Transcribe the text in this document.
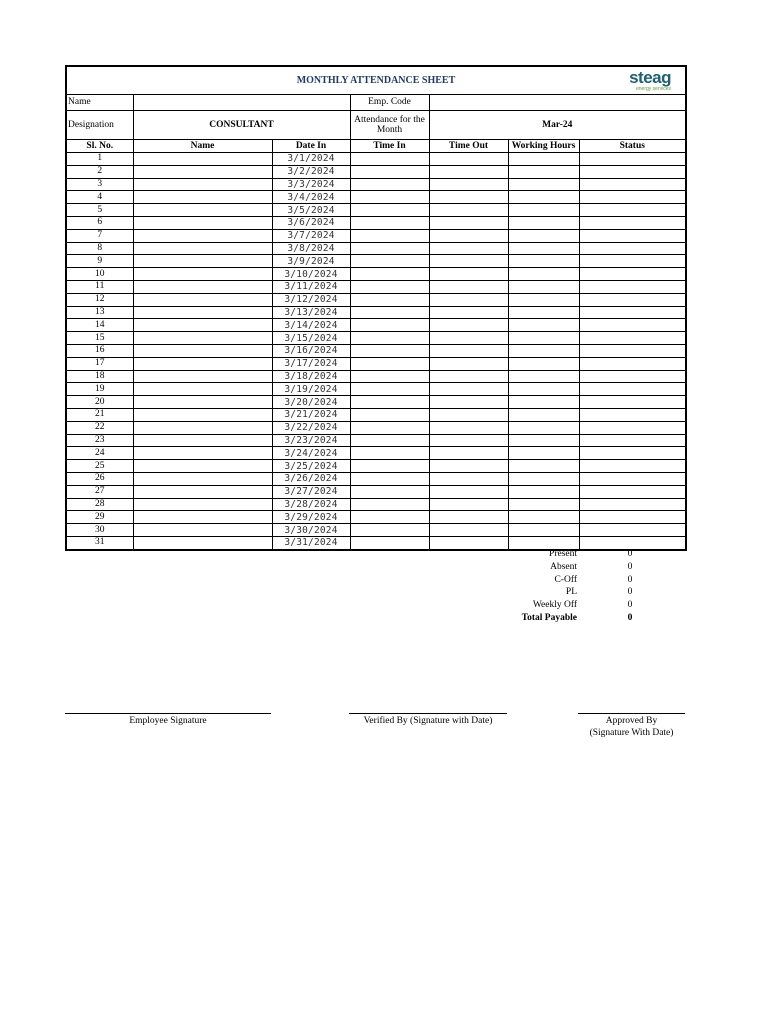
MONTHLY ATTENDANCE SHEET steag
energy services						

Name			Emp. Code			
Designation	CONSULTANT		Attendance for the Month	Mar-24		
Sl. No.	Name	Date In	Time In	Time Out	Working Hours	Status
1		3/1/2024				
2		3/2/2024				
3		3/3/2024				
4		3/4/2024				
5		3/5/2024				
6		3/6/2024				
7		3/7/2024				
8		3/8/2024				
9		3/9/2024				
10		3/10/2024				
11		3/11/2024				
12		3/12/2024				
13		3/13/2024				
14		3/14/2024				
15		3/15/2024				
16		3/16/2024				
17		3/17/2024				
18		3/18/2024				
19		3/19/2024				
20		3/20/2024				
21		3/21/2024				
22		3/22/2024				
23		3/23/2024				
24		3/24/2024				
25		3/25/2024				
26		3/26/2024				
27		3/27/2024				
28		3/28/2024				
29		3/29/2024				
30		3/30/2024				
31		3/31/2024				
Present	0
Absent	0
C-Off	0
PL	0
Weekly Off	0
Total Payable	0
Employee Signature	Verified By (Signature with Date)	Approved By
(Signature With Date)
